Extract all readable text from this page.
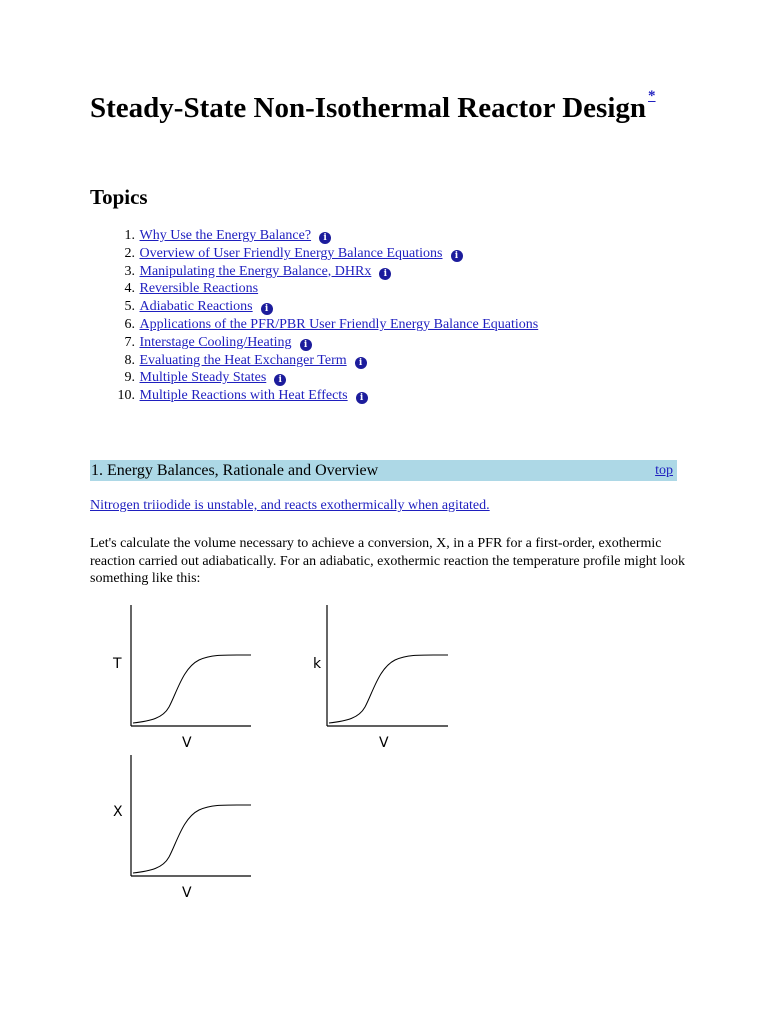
Steady-State Non-Isothermal Reactor Design *
Topics
1. Why Use the Energy Balance? i
2. Overview of User Friendly Energy Balance Equations i
3. Manipulating the Energy Balance, DHRx i
4. Reversible Reactions
5. Adiabatic Reactions i
6. Applications of the PFR/PBR User Friendly Energy Balance Equations
7. Interstage Cooling/Heating i
8. Evaluating the Heat Exchanger Term i
9. Multiple Steady States i
10. Multiple Reactions with Heat Effects i
1. Energy Balances, Rationale and Overview	top
Nitrogen triiodide is unstable, and reacts exothermically when agitated.

Let's calculate the volume necessary to achieve a conversion, X, in a PFR for a first-order, exothermic reaction carried out adiabatically. For an adiabatic, exothermic reaction the temperature profile might look something like this:

T
V
k
V
X
V
